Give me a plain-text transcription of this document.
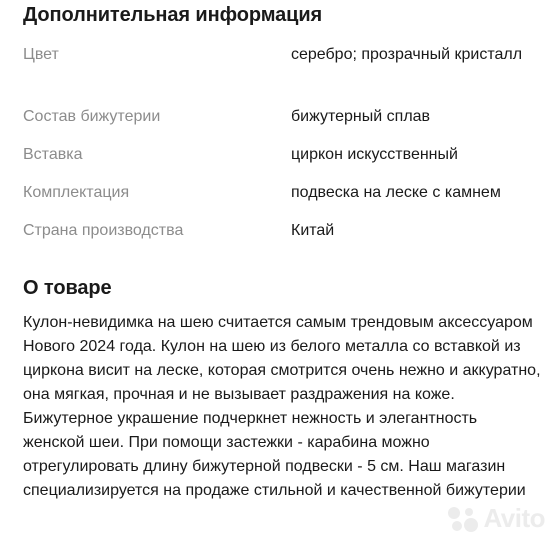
Дополнительная информация
Цвет	серебро; прозрачный кристалл
Состав бижутерии	бижутерный сплав
Вставка	циркон искусственный
Комплектация	подвеска на леске с камнем
Страна производства	Китай
О товаре

Кулон-невидимка на шею считается самым трендовым аксессуаром Нового 2024 года. Кулон на шею из белого металла со вставкой из циркона висит на леске, которая смотрится очень нежно и аккуратно, она мягкая, прочная и не вызывает раздражения на коже. Бижутерное украшение подчеркнет нежность и элегантность женской шеи. При помощи застежки - карабина можно отрегулировать длину бижутерной подвески - 5 см. Наш магазин специализируется на продаже стильной и качественной бижутерии

Avito
